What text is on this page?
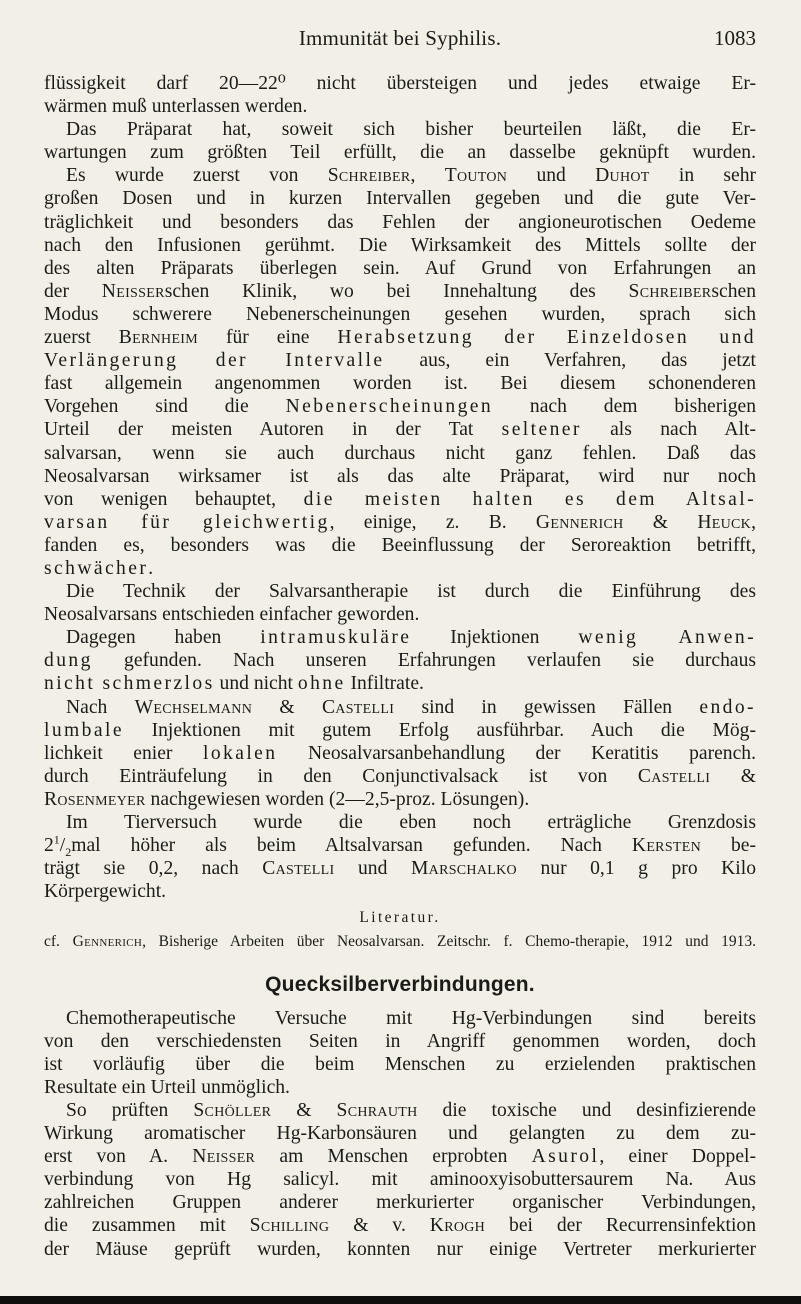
Immunität bei Syphilis.	1083

flüssigkeit darf 20—22⁰ nicht übersteigen und jedes etwaige Er-

wärmen muß unterlassen werden.

Das Präparat hat, soweit sich bisher beurteilen läßt, die Er-

wartungen zum größten Teil erfüllt, die an dasselbe geknüpft wurden.

Es wurde zuerst von Schreiber, Touton und Duhot in sehr

großen Dosen und in kurzen Intervallen gegeben und die gute Ver-

träglichkeit und besonders das Fehlen der angioneurotischen Oedeme

nach den Infusionen gerühmt. Die Wirksamkeit des Mittels sollte der

des alten Präparats überlegen sein. Auf Grund von Erfahrungen an

der Neisserschen Klinik, wo bei Innehaltung des Schreiberschen

Modus schwerere Nebenerscheinungen gesehen wurden, sprach sich

zuerst Bernheim für eine Herabsetzung der Einzeldosen und

Verlängerung der Intervalle aus, ein Verfahren, das jetzt

fast allgemein angenommen worden ist. Bei diesem schonenderen

Vorgehen sind die Nebenerscheinungen nach dem bisherigen

Urteil der meisten Autoren in der Tat seltener als nach Alt-

salvarsan, wenn sie auch durchaus nicht ganz fehlen. Daß das

Neosalvarsan wirksamer ist als das alte Präparat, wird nur noch

von wenigen behauptet, die meisten halten es dem Altsal-

varsan für gleichwertig, einige, z. B. Gennerich & Heuck,

fanden es, besonders was die Beeinflussung der Seroreaktion betrifft,

schwächer.

Die Technik der Salvarsantherapie ist durch die Einführung des

Neosalvarsans entschieden einfacher geworden.

Dagegen haben intramuskuläre Injektionen wenig Anwen-

dung gefunden. Nach unseren Erfahrungen verlaufen sie durchaus

nicht schmerzlos und nicht ohne Infiltrate.

Nach Wechselmann & Castelli sind in gewissen Fällen endo-

lumbale Injektionen mit gutem Erfolg ausführbar. Auch die Mög-

lichkeit enier lokalen Neosalvarsanbehandlung der Keratitis parench.

durch Einträufelung in den Conjunctivalsack ist von Castelli &

Rosenmeyer nachgewiesen worden (2—2,5-proz. Lösungen).

Im Tierversuch wurde die eben noch erträgliche Grenzdosis

$2^1/_2mal$ höher als beim Altsalvarsan gefunden. Nach Kersten be-

trägt sie 0,2, nach Castelli und Marschalko nur 0,1 g pro Kilo

Körpergewicht.

Literatur.

cf. Gennerich, Bisherige Arbeiten über Neosalvarsan. Zeitschr. f. Chemo-therapie, 1912 und 1913.

Quecksilberverbindungen.

Chemotherapeutische Versuche mit Hg-Verbindungen sind bereits

von den verschiedensten Seiten in Angriff genommen worden, doch

ist vorläufig über die beim Menschen zu erzielenden praktischen

Resultate ein Urteil unmöglich.

So prüften Schöller & Schrauth die toxische und desinfizierende

Wirkung aromatischer Hg-Karbonsäuren und gelangten zu dem zu-

erst von A. Neisser am Menschen erprobten Asurol, einer Doppel-

verbindung von Hg salicyl. mit aminooxyisobuttersaurem Na. Aus

zahlreichen Gruppen anderer merkurierter organischer Verbindungen,

die zusammen mit Schilling & v. Krogh bei der Recurrensinfektion

der Mäuse geprüft wurden, konnten nur einige Vertreter merkurierter
